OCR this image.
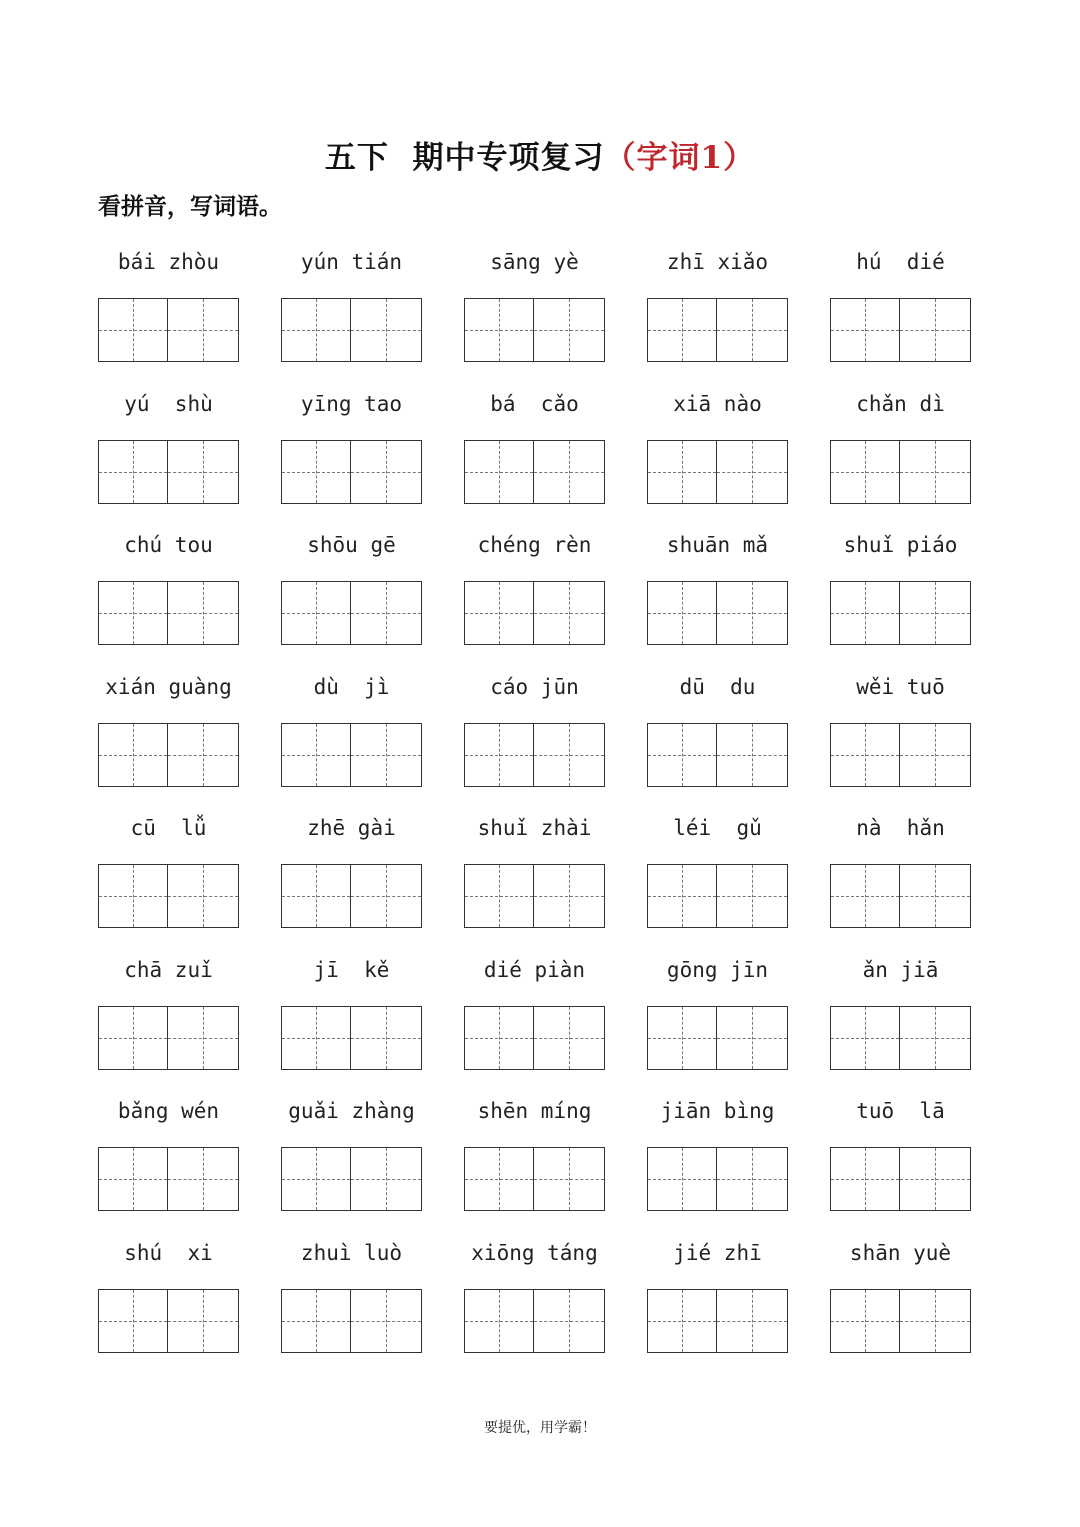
五下  期中专项复习（字词1）
看拼音，写词语。
bái zhòu	yún tián	sāng yè	zhī xiǎo	hú  dié
yú  shù	yīng tao	bá  cǎo	xiā nào	chǎn dì
chú tou	shōu gē	chéng rèn	shuān mǎ	shuǐ piáo
xián guàng	dù  jì	cáo jūn	dū  du	wěi tuō
cū  lǚ	zhē gài	shuǐ zhài	léi  gǔ	nà  hǎn
chā zuǐ	jī  kě	dié piàn	gōng jīn	ǎn jiā
bǎng wén	guǎi zhàng	shēn míng	jiān bìng	tuō  lā
shú  xi	zhuì luò	xiōng táng	jié zhī	shān yuè
要提优，用学霸！
